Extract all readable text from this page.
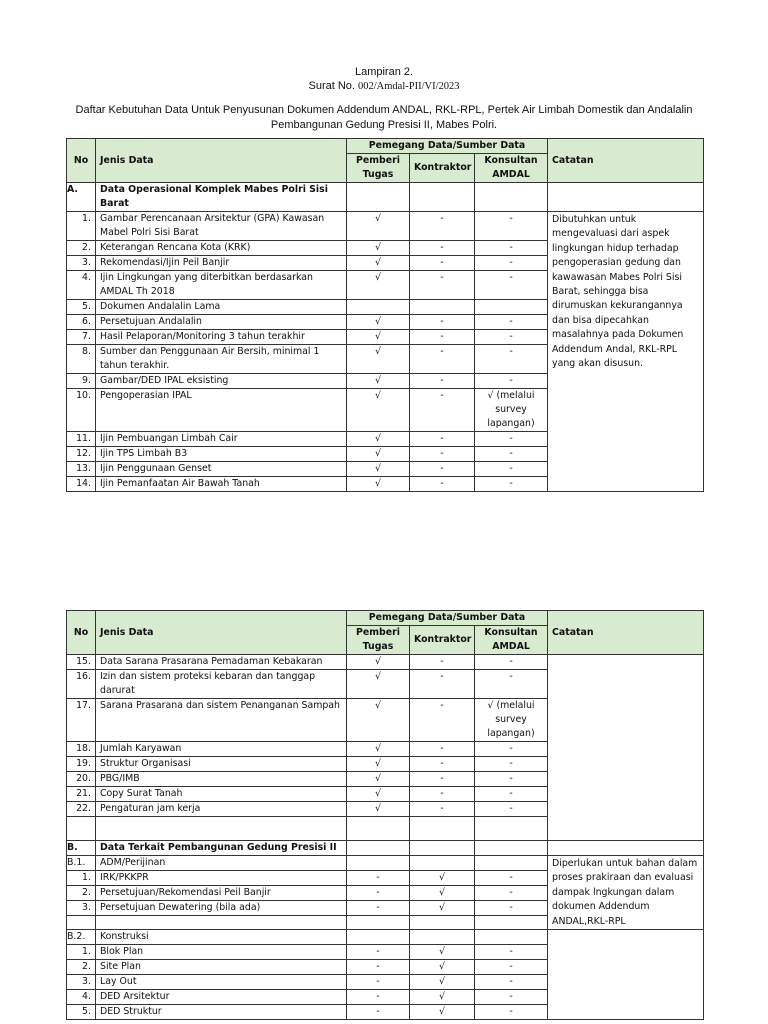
Lampiran 2.
Surat No. 002/Amdal-PII/VI/2023
Daftar Kebutuhan Data Untuk Penyusunan Dokumen Addendum ANDAL, RKL-RPL, Pertek Air Limbah Domestik dan Andalalin
Pembangunan Gedung Presisi II, Mabes Polri.
No	Jenis Data	Pemegang Data/Sumber Data			Catatan
		Pemberi Tugas	Kontraktor	Konsultan AMDAL	
A.	Data Operasional Komplek Mabes Polri Sisi Barat				
1.	Gambar Perencanaan Arsitektur (GPA) Kawasan Mabel Polri Sisi Barat	√	-	-	Dibutuhkan untuk mengevaluasi dari aspek lingkungan hidup terhadap pengoperasian gedung dan kawawasan Mabes Polri Sisi Barat, sehingga bisa dirumuskan kekurangannya dan bisa dipecahkan masalahnya pada Dokumen Addendum Andal, RKL-RPL yang akan disusun.
2.	Keterangan Rencana Kota (KRK)	√	-	-	
3.	Rekomendasi/Ijin Peil Banjir	√	-	-	
4.	Ijin Lingkungan yang diterbitkan berdasarkan AMDAL Th 2018	√	-	-	
5.	Dokumen Andalalin Lama				
6.	Persetujuan Andalalin	√	-	-	
7.	Hasil Pelaporan/Monitoring 3 tahun terakhir	√	-	-	
8.	Sumber dan Penggunaan Air Bersih, minimal 1 tahun terakhir.	√	-	-	
9.	Gambar/DED IPAL eksisting	√	-	-	
10.	Pengoperasian IPAL	√	-	√ (melalui survey lapangan)	
11.	Ijin Pembuangan Limbah Cair	√	-	-	
12.	Ijin TPS Limbah B3	√	-	-	
13.	Ijin Penggunaan Genset	√	-	-	
14.	Ijin Pemanfaatan Air Bawah Tanah	√	-	-	
No	Jenis Data	Pemegang Data/Sumber Data			Catatan
		Pemberi Tugas	Kontraktor	Konsultan AMDAL	
15.	Data Sarana Prasarana Pemadaman Kebakaran	√	-	-	
16.	Izin dan sistem proteksi kebaran dan tanggap darurat	√	-	-	
17.	Sarana Prasarana dan sistem Penanganan Sampah	√	-	√ (melalui survey lapangan)	
18.	Jumlah Karyawan	√	-	-	
19.	Struktur Organisasi	√	-	-	
20.	PBG/IMB	√	-	-	
21.	Copy Surat Tanah	√	-	-	
22.	Pengaturan jam kerja	√	-	-	

B.	Data Terkait Pembangunan Gedung Presisi II				
B.1.	ADM/Perijinan				Diperlukan untuk bahan dalam proses prakiraan dan evaluasi dampak lngkungan dalam dokumen Addendum ANDAL,RKL-RPL
1.	IRK/PKKPR	-	√	-	
2.	Persetujuan/Rekomendasi Peil Banjir	-	√	-	
3.	Persetujuan Dewatering (bila ada)	-	√	-	

B.2.	Konstruksi				
1.	Blok Plan	-	√	-	
2.	Site Plan	-	√	-	
3.	Lay Out	-	√	-	
4.	DED Arsitektur	-	√	-	
5.	DED Struktur	-	√	-	
